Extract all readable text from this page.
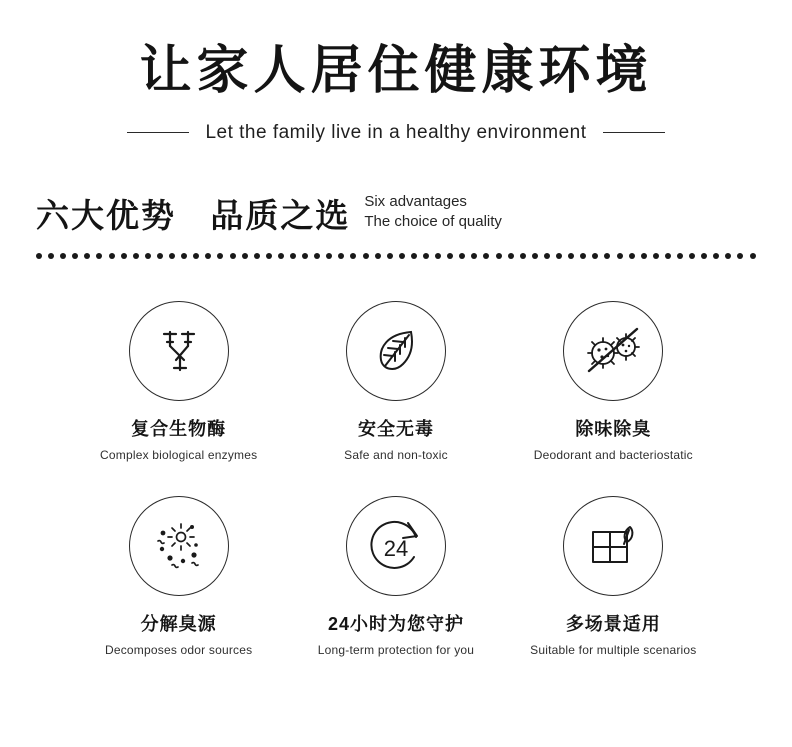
让家人居住健康环境
Let the family live in a healthy environment
六大优势 品质之选 Six advantages
The choice of quality
复合生物酶
Complex biological enzymes
安全无毒
Safe and non-toxic
除味除臭
Deodorant and bacteriostatic
分解臭源
Decomposes odor sources
24
24小时为您守护
Long-term protection for you
多场景适用
Suitable for multiple scenarios
